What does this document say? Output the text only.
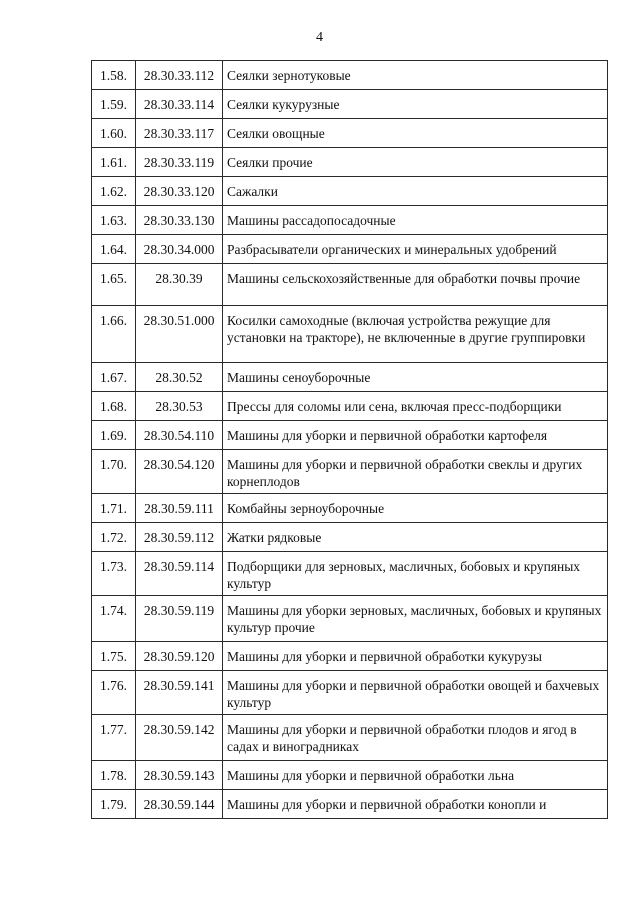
4
1.58.	28.30.33.112	Сеялки зернотуковые
1.59.	28.30.33.114	Сеялки кукурузные
1.60.	28.30.33.117	Сеялки овощные
1.61.	28.30.33.119	Сеялки прочие
1.62.	28.30.33.120	Сажалки
1.63.	28.30.33.130	Машины рассадопосадочные
1.64.	28.30.34.000	Разбрасыватели органических и минеральных удобрений
1.65.	28.30.39	Машины сельскохозяйственные для обработки почвы прочие
1.66.	28.30.51.000	Косилки самоходные (включая устройства режущие для установки на тракторе), не включенные в другие группировки
1.67.	28.30.52	Машины сеноуборочные
1.68.	28.30.53	Прессы для соломы или сена, включая пресс-подборщики
1.69.	28.30.54.110	Машины для уборки и первичной обработки картофеля
1.70.	28.30.54.120	Машины для уборки и первичной обработки свеклы и других корнеплодов
1.71.	28.30.59.111	Комбайны зерноуборочные
1.72.	28.30.59.112	Жатки рядковые
1.73.	28.30.59.114	Подборщики для зерновых, масличных, бобовых и крупяных культур
1.74.	28.30.59.119	Машины для уборки зерновых, масличных, бобовых и крупяных культур прочие
1.75.	28.30.59.120	Машины для уборки и первичной обработки кукурузы
1.76.	28.30.59.141	Машины для уборки и первичной обработки овощей и бахчевых культур
1.77.	28.30.59.142	Машины для уборки и первичной обработки плодов и ягод в садах и виноградниках
1.78.	28.30.59.143	Машины для уборки и первичной обработки льна
1.79.	28.30.59.144	Машины для уборки и первичной обработки конопли и
